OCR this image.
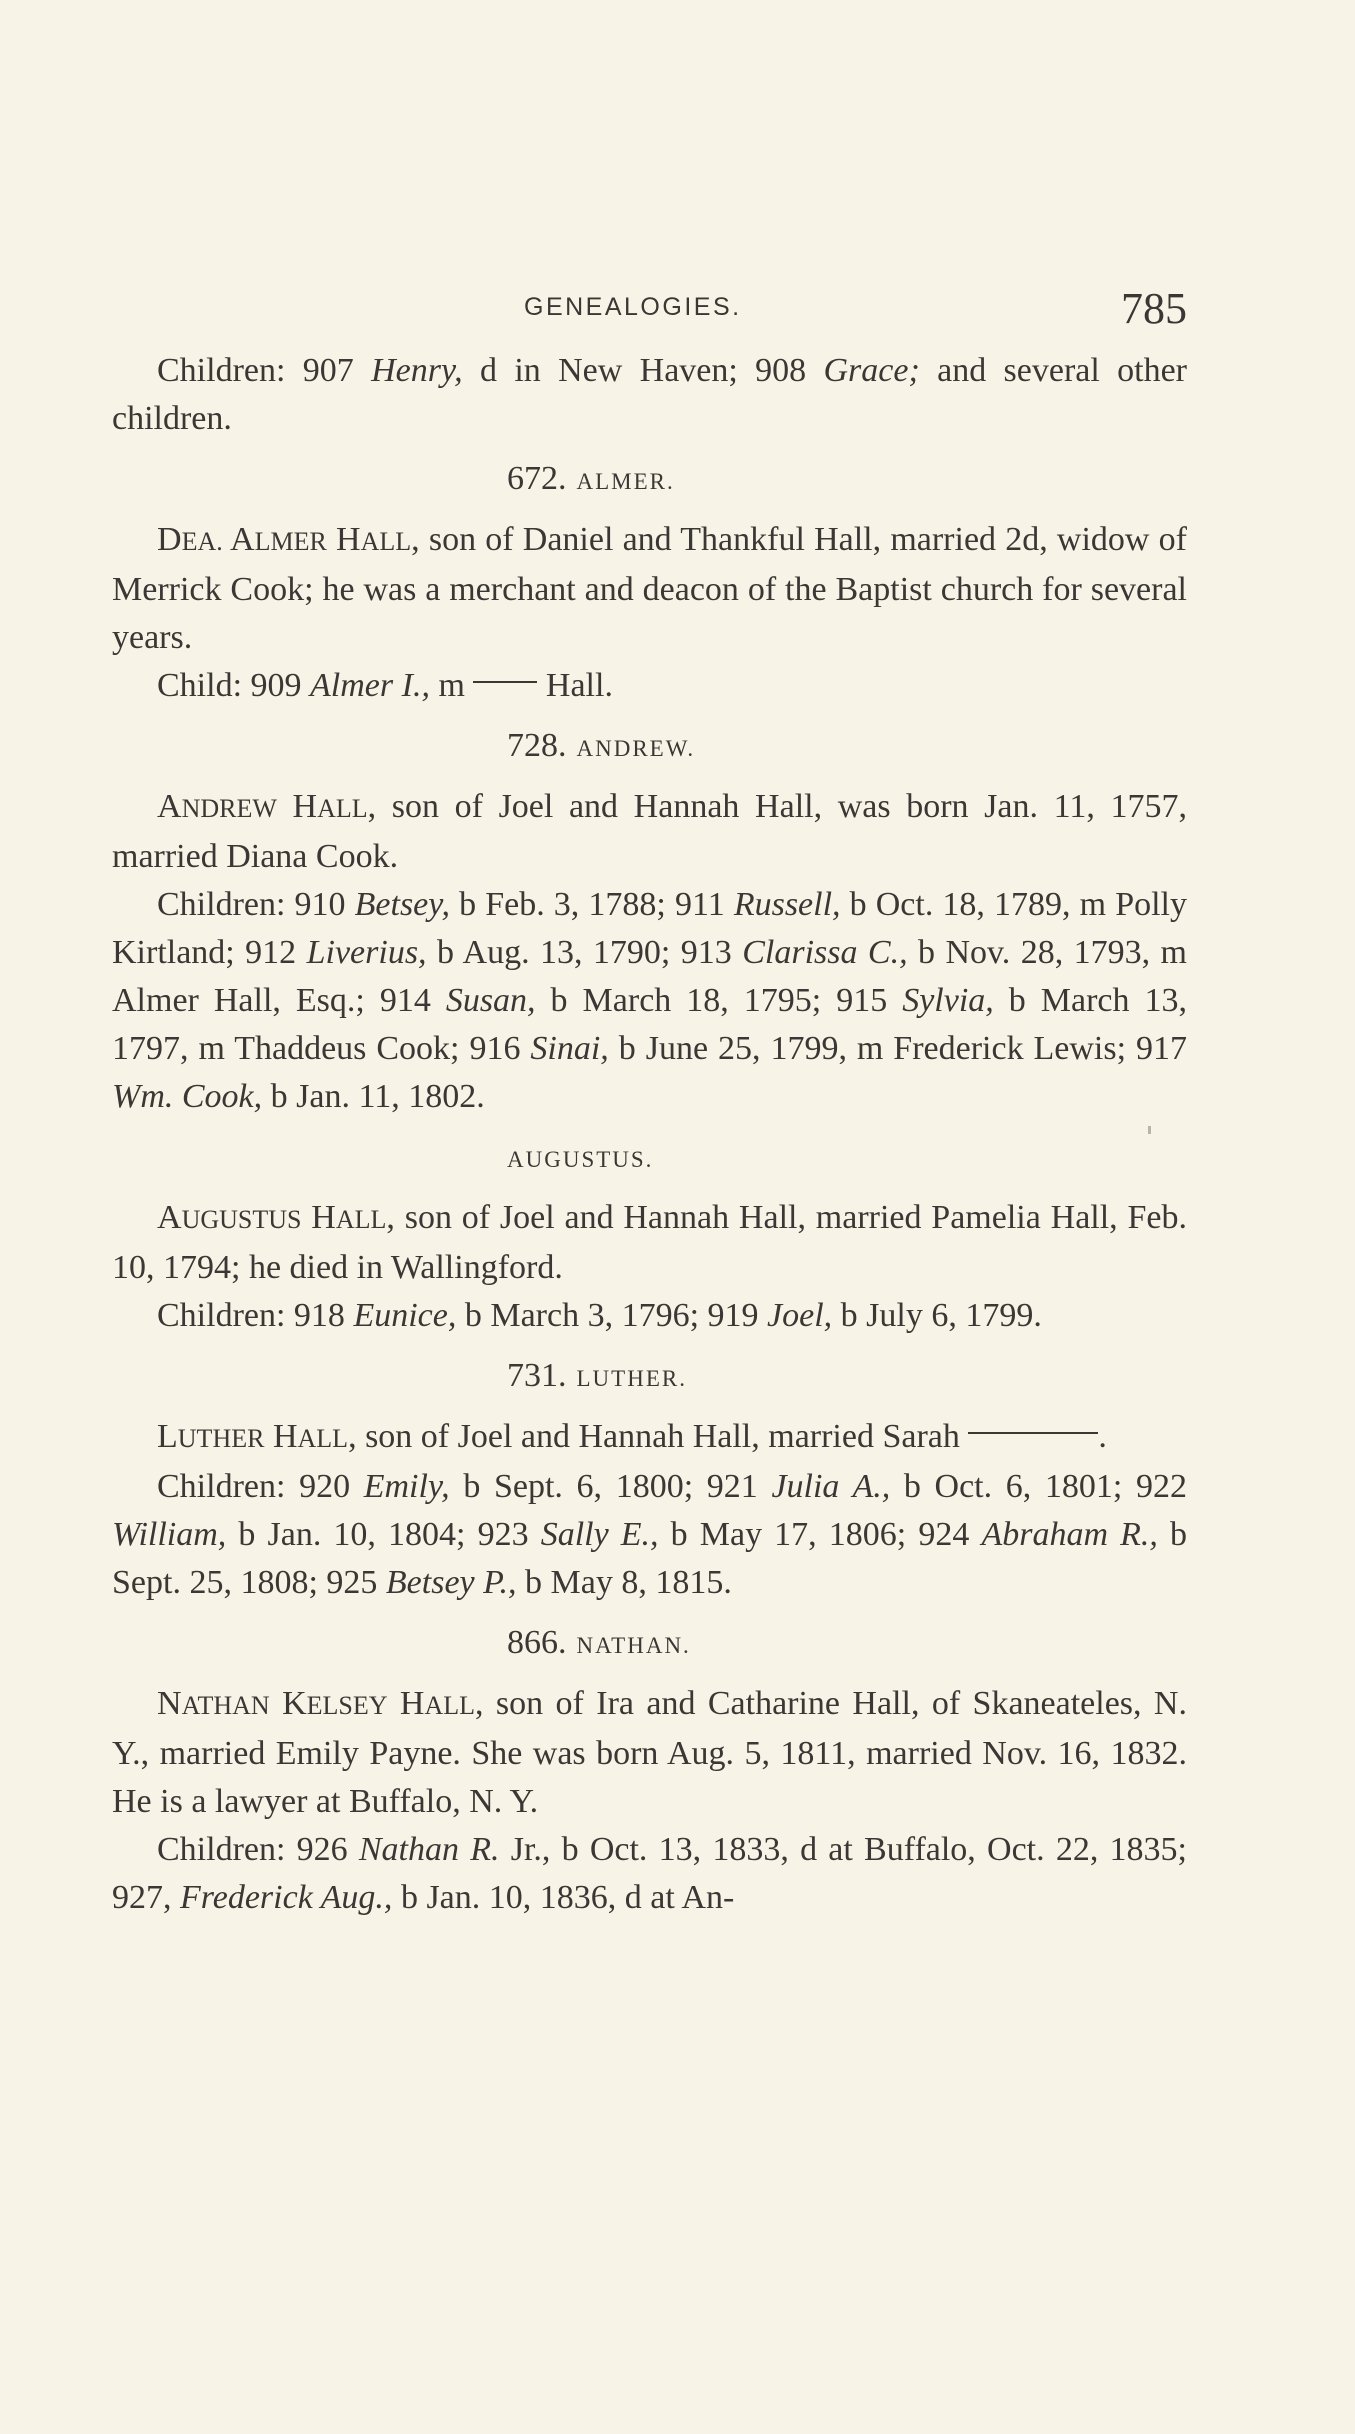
GENEALOGIES.	785

Children: 907 Henry, d in New Haven; 908 Grace; and several other children.

672. ALMER.

DEA. ALMER HALL, son of Daniel and Thankful Hall, married 2d, widow of Merrick Cook; he was a merchant and deacon of the Baptist church for several years.

Child: 909 Almer I., m  Hall.

728. ANDREW.

ANDREW HALL, son of Joel and Hannah Hall, was born Jan. 11, 1757, married Diana Cook.

Children: 910 Betsey, b Feb. 3, 1788; 911 Russell, b Oct. 18, 1789, m Polly Kirtland; 912 Liverius, b Aug. 13, 1790; 913 Clarissa C., b Nov. 28, 1793, m Almer Hall, Esq.; 914 Susan, b March 18, 1795; 915 Sylvia, b March 13, 1797, m Thaddeus Cook; 916 Sinai, b June 25, 1799, m Frederick Lewis; 917 Wm. Cook, b Jan. 11, 1802.

AUGUSTUS.

AUGUSTUS HALL, son of Joel and Hannah Hall, married Pamelia Hall, Feb. 10, 1794; he died in Wallingford.

Children: 918 Eunice, b March 3, 1796; 919 Joel, b July 6, 1799.

731. LUTHER.

LUTHER HALL, son of Joel and Hannah Hall, married Sarah	.

Children: 920 Emily, b Sept. 6, 1800; 921 Julia A., b Oct. 6, 1801; 922 William, b Jan. 10, 1804; 923 Sally E., b May 17, 1806; 924 Abraham R., b Sept. 25, 1808; 925 Betsey P., b May 8, 1815.

866. NATHAN.

NATHAN KELSEY HALL, son of Ira and Catharine Hall, of Skaneateles, N. Y., married Emily Payne. She was born Aug. 5, 1811, married Nov. 16, 1832. He is a lawyer at Buffalo, N. Y.

Children: 926 Nathan R. Jr., b Oct. 13, 1833, d at Buffalo, Oct. 22, 1835; 927, Frederick Aug., b Jan. 10, 1836, d at An-
